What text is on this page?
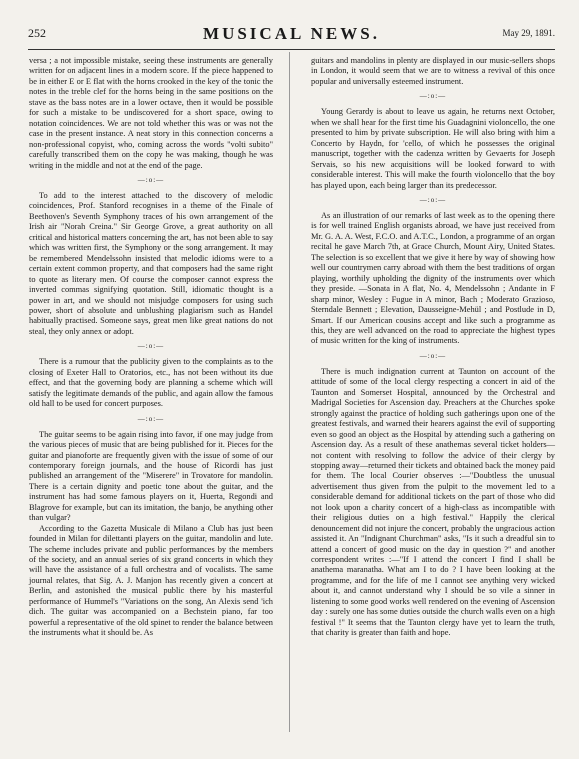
252	MUSICAL NEWS.	May 29, 1891.

versa ; a not impossible mistake, seeing these instruments are generally written for on adjacent lines in a modern score. If the piece happened to be in either E or E flat with the horns crooked in the key of the tonic the notes in the treble clef for the horns being in the same positions on the stave as the bass notes are in a lower octave, then it would be possible for such a mistake to be undiscovered for a short space, owing to notation coincidences. We are not told whether this was or was not the case in the present instance. A neat story in this connection concerns a non-professional copyist, who, coming across the words "volti subito" carefully transcribed them on the copy he was making, though he was writing in the middle and not at the end of the page.

—:o:—

To add to the interest attached to the discovery of melodic coincidences, Prof. Stanford recognises in a theme of the Finale of Beethoven's Seventh Symphony traces of his own arrangement of the Irish air "Norah Creina." Sir George Grove, a great authority on all critical and historical matters concerning the art, has not been able to say which was written first, the Symphony or the song arrangement. It may be remembered Mendelssohn insisted that melodic idioms were to a certain extent common property, and that composers had the same right to quote as literary men. Of course the composer cannot express the inverted commas signifying quotation. Still, idiomatic thought is a power in art, and we should not misjudge composers for using such power, short of absolute and unblushing plagiarism such as Handel habitually practised. Someone says, great men like great nations do not steal, they only annex or adopt.

—:o:—

There is a rumour that the publicity given to the complaints as to the closing of Exeter Hall to Oratorios, etc., has not been without its due effect, and that the governing body are planning a scheme which will satisfy the legitimate demands of the public, and again allow the famous old hall to be used for concert purposes.

—:o:—

The guitar seems to be again rising into favor, if one may judge from the various pieces of music that are being published for it. Pieces for the guitar and pianoforte are frequently given with the issue of some of our contemporary foreign journals, and the house of Ricordi has just published an arrangement of the "Miserere" in Trovatore for mandolin. There is a certain dignity and poetic tone about the guitar, and the instrument has had some famous players on it, Huerta, Regondi and Blagrove for example, but can its imitation, the banjo, be anything other than vulgar?

According to the Gazetta Musicale di Milano a Club has just been founded in Milan for dilettanti players on the guitar, mandolin and lute. The scheme includes private and public performances by the members of the society, and an annual series of six grand concerts in which they will have the assistance of a full orchestra and of vocalists. The same journal relates, that Sig. A. J. Manjon has recently given a concert at Berlin, and astonished the musical public there by his masterful performance of Hummel's "Variations on the song, An Alexis send 'ich dich. The guitar was accompanied on a Bechstein piano, far too powerful a representative of the old spinet to render the balance between the instruments what it should be. As

guitars and mandolins in plenty are displayed in our music-sellers shops in London, it would seem that we are to witness a revival of this once popular and universally esteemed instrument.

—:o:—

Young Gerardy is about to leave us again, he returns next October, when we shall hear for the first time his Guadagnini violoncello, the one presented to him by private subscription. He will also bring with him a Concerto by Haydn, for 'cello, of which he possesses the original manuscript, together with the cadenza written by Gevaerts for Joseph Servais, so his new acquisitions will be looked forward to with considerable interest. This will make the fourth violoncello that the boy has played upon, each being larger than its predecessor.

—:o:—

As an illustration of our remarks of last week as to the opening there is for well trained English organists abroad, we have just received from Mr. G. A. A. West, F.C.O. and A.T.C., London, a programme of an organ recital he gave March 7th, at Grace Church, Mount Airy, United States. The selection is so excellent that we give it here by way of showing how well our countrymen carry abroad with them the best traditions of organ playing, worthily upholding the dignity of the instruments over which they preside. —Sonata in A flat, No. 4, Mendelssohn ; Andante in F sharp minor, Wesley : Fugue in A minor, Bach ; Moderato Grazioso, Sterndale Bennett ; Elevation, Dausseigne-Mehül ; and Postlude in D, Smart. If our American cousins accept and like such a programme as this, they are well advanced on the road to appreciate the highest types of music written for the king of instruments.

—:o:—

There is much indignation current at Taunton on account of the attitude of some of the local clergy respecting a concert in aid of the Taunton and Somerset Hospital, announced by the Orchestral and Madrigal Societies for Ascension day. Preachers at the Churches spoke strongly against the practice of holding such gatherings upon one of the greatest festivals, and warned their hearers against the evil of supporting even so good an object as the Hospital by attending such a gathering on Ascension day. As a result of these anathemas several ticket holders—not content with resolving to follow the advice of their clergy by stopping away—returned their tickets and obtained back the money paid for them. The local Courier observes :—"Doubtless the unusual advertisement thus given from the pulpit to the movement led to a considerable demand for additional tickets on the part of those who did not look upon a charity concert of a high-class as incompatible with their religious duties on a high festival." Happily the clerical denouncement did not injure the concert, probably the ungracious action assisted it. An "Indignant Churchman" asks, "Is it such a dreadful sin to attend a concert of good music on the day in question ?" and another correspondent writes :—"If I attend the concert I find I shall be anathema maranatha. What am I to do ? I have been looking at the programme, and for the life of me I cannot see anything very wicked about it, and cannot understand why I should be so vile a sinner in listening to some good works well rendered on the evening of Ascension day : surely one has some duties outside the church walls even on a high festival !" It seems that the Taunton clergy have yet to learn the truth, that charity is greater than faith and hope.
